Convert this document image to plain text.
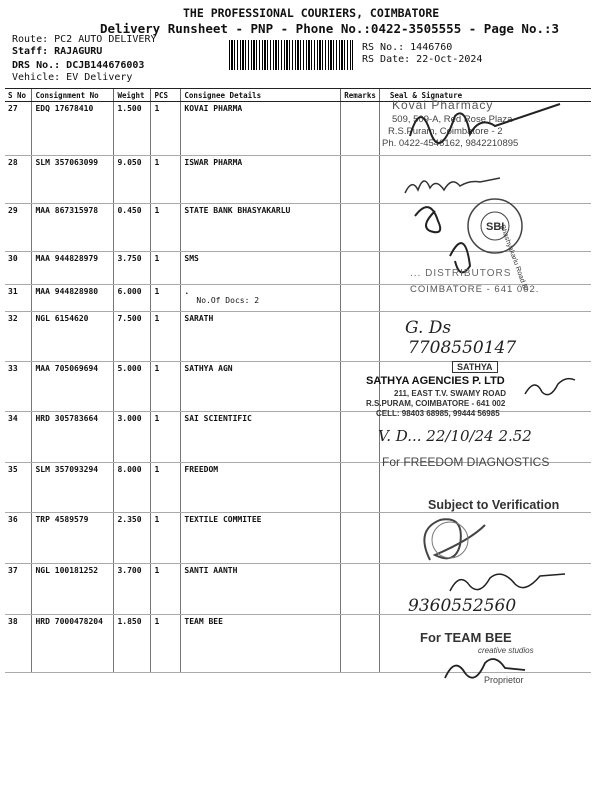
THE PROFESSIONAL COURIERS, COIMBATORE
Delivery Runsheet - PNP - Phone No.:0422-3505555 - Page No.:3
Route: PC2 AUTO DELIVERY
Staff: RAJAGURU
DRS No.: DCJB144676003
Vehicle: EV Delivery
RS No.: 1446760
RS Date: 22-Oct-2024
S No	Consignment No	Weight	PCS	Consignee Details	Remarks	Seal & Signature
27	EDQ 17678410	1.500	1	KOVAI PHARMA		
28	SLM 357063099	9.050	1	ISWAR PHARMA		
29	MAA 867315978	0.450	1	STATE BANK BHASYAKARLU		
30	MAA 944828979	3.750	1	SMS		
31	MAA 944828980	6.000	1	.
No.Of Docs: 2		

32	NGL 6154620	7.500	1	SARATH		
33	MAA 705069694	5.000	1	SATHYA AGN		
34	HRD 305783664	3.000	1	SAI SCIENTIFIC		
35	SLM 357093294	8.000	1	FREEDOM		
36	TRP 4589579	2.350	1	TEXTILE COMMITEE		
37	NGL 100181252	3.700	1	SANTI AANTH		
38	HRD 7000478204	1.850	1	TEAM BEE		
Kovai Pharmacy
509, 509-A, Red Rose Plaza
R.S.Puram, Coimbatore - 2
Ph. 0422-4546162, 9842210895
SBI
Bhashyakarlu Road Br
... DISTRIBUTORS
COIMBATORE - 641 002.
G. Ds
7708550147
SATHYA
SATHYA AGENCIES P. LTD
211, EAST T.V. SWAMY ROAD
R.S.PURAM, COIMBATORE - 641 002
CELL: 98403 68985, 99444 56985
V. D... 22/10/24 2.52
For FREEDOM DIAGNOSTICS
Subject to Verification
9360552560
For TEAM BEE
creative studios
Proprietor
